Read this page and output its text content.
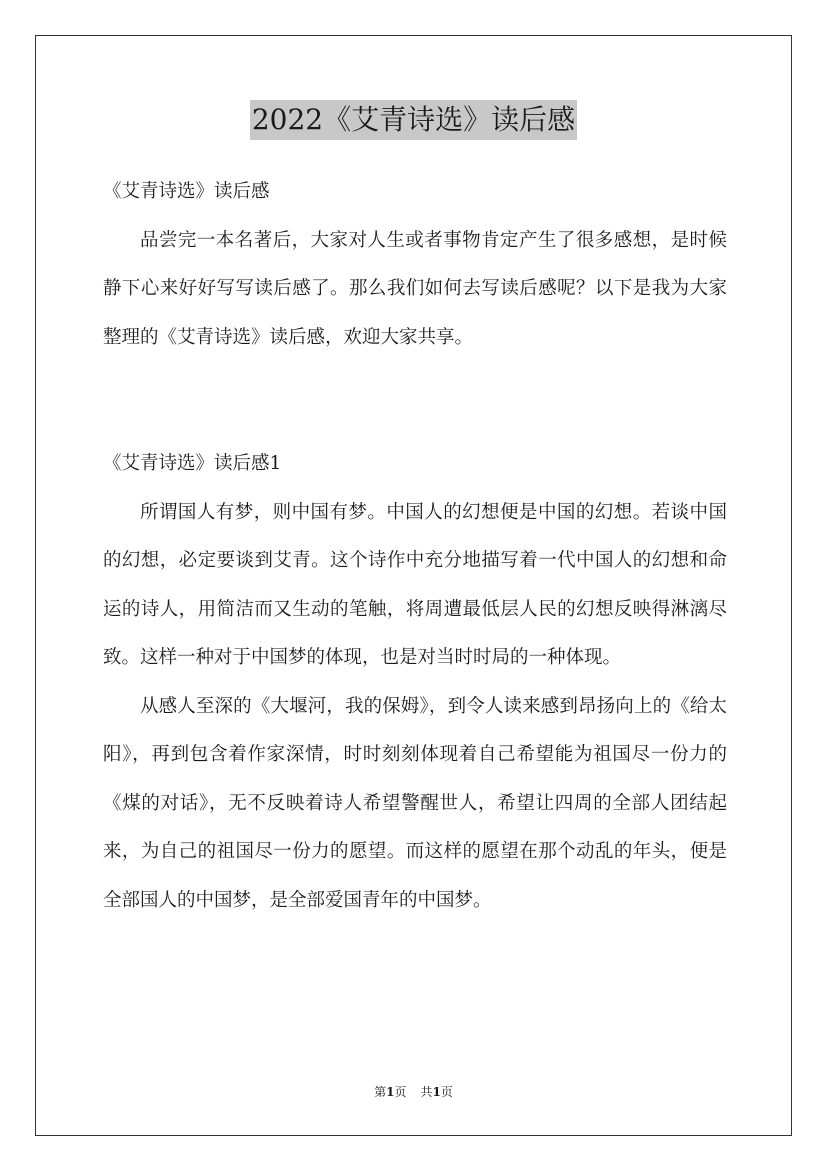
2022《艾青诗选》读后感

《艾青诗选》读后感

品尝完一本名著后，大家对人生或者事物肯定产生了很多感想，是时候静下心来好好写写读后感了。那么我们如何去写读后感呢？以下是我为大家整理的《艾青诗选》读后感，欢迎大家共享。

《艾青诗选》读后感1

所谓国人有梦，则中国有梦。中国人的幻想便是中国的幻想。若谈中国的幻想，必定要谈到艾青。这个诗作中充分地描写着一代中国人的幻想和命运的诗人，用简洁而又生动的笔触，将周遭最低层人民的幻想反映得淋漓尽致。这样一种对于中国梦的体现，也是对当时时局的一种体现。

从感人至深的《大堰河，我的保姆》，到令人读来感到昂扬向上的《给太阳》，再到包含着作家深情，时时刻刻体现着自己希望能为祖国尽一份力的《煤的对话》，无不反映着诗人希望警醒世人，希望让四周的全部人团结起来，为自己的祖国尽一份力的愿望。而这样的愿望在那个动乱的年头，便是全部国人的中国梦，是全部爱国青年的中国梦。

第1页 共1页
